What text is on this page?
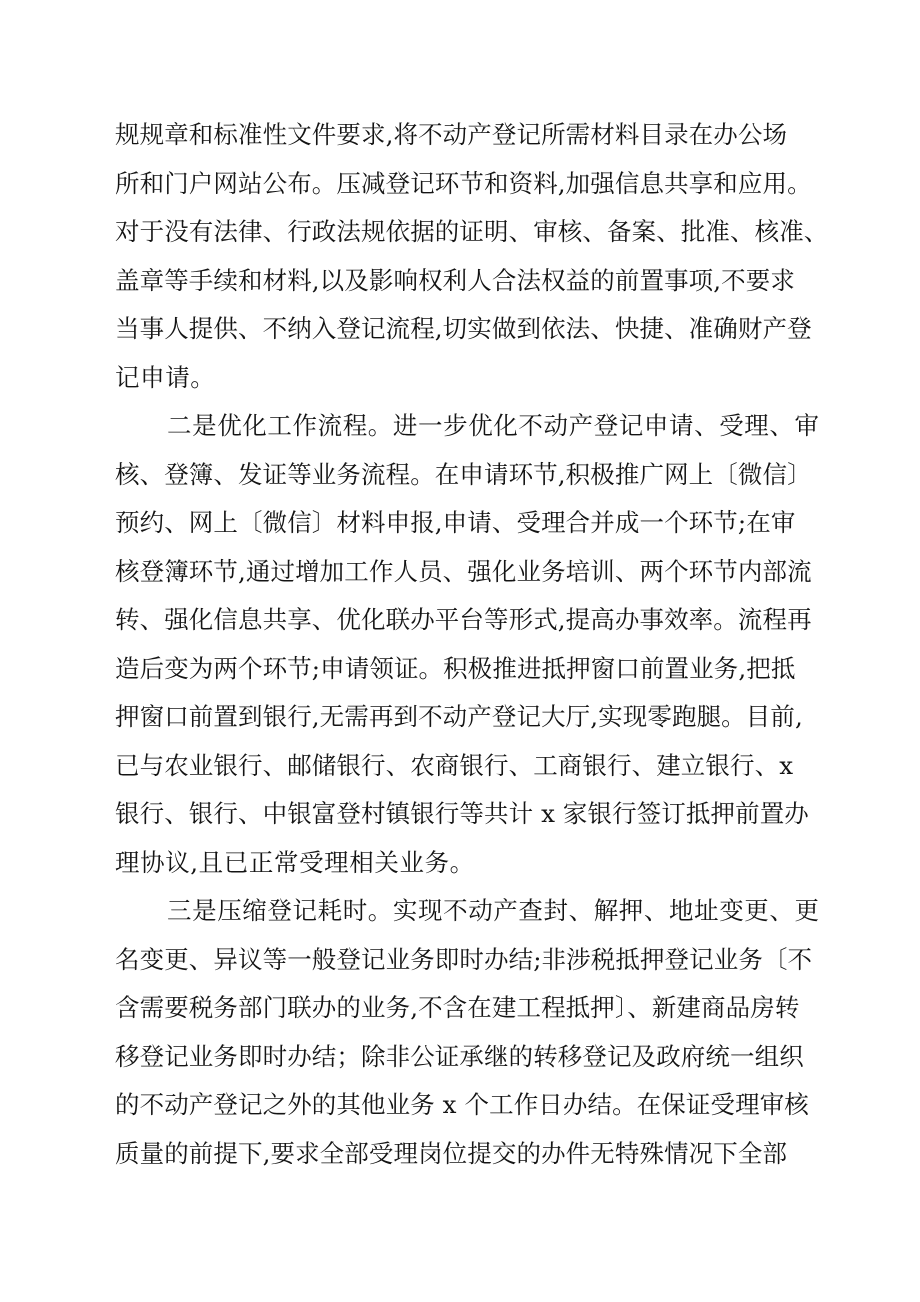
规规章和标准性文件要求,将不动产登记所需材料目录在办公场
所和门户网站公布。压减登记环节和资料,加强信息共享和应用。
对于没有法律、行政法规依据的证明、审核、备案、批准、核准、
盖章等手续和材料,以及影响权利人合法权益的前置事项,不要求
当事人提供、不纳入登记流程,切实做到依法、快捷、准确财产登
记申请。
二是优化工作流程。进一步优化不动产登记申请、受理、审
核、登簿、发证等业务流程。在申请环节,积极推广网上〔微信〕
预约、网上〔微信〕材料申报,申请、受理合并成一个环节;在审
核登簿环节,通过增加工作人员、强化业务培训、两个环节内部流
转、强化信息共享、优化联办平台等形式,提高办事效率。流程再
造后变为两个环节;申请领证。积极推进抵押窗口前置业务,把抵
押窗口前置到银行,无需再到不动产登记大厅,实现零跑腿。目前,
已与农业银行、邮储银行、农商银行、工商银行、建立银行、x
银行、银行、中银富登村镇银行等共计 x 家银行签订抵押前置办
理协议,且已正常受理相关业务。
三是压缩登记耗时。实现不动产查封、解押、地址变更、更
名变更、异议等一般登记业务即时办结;非涉税抵押登记业务〔不
含需要税务部门联办的业务,不含在建工程抵押〕、新建商品房转
移登记业务即时办结；除非公证承继的转移登记及政府统一组织
的不动产登记之外的其他业务 x 个工作日办结。在保证受理审核
质量的前提下,要求全部受理岗位提交的办件无特殊情况下全部
